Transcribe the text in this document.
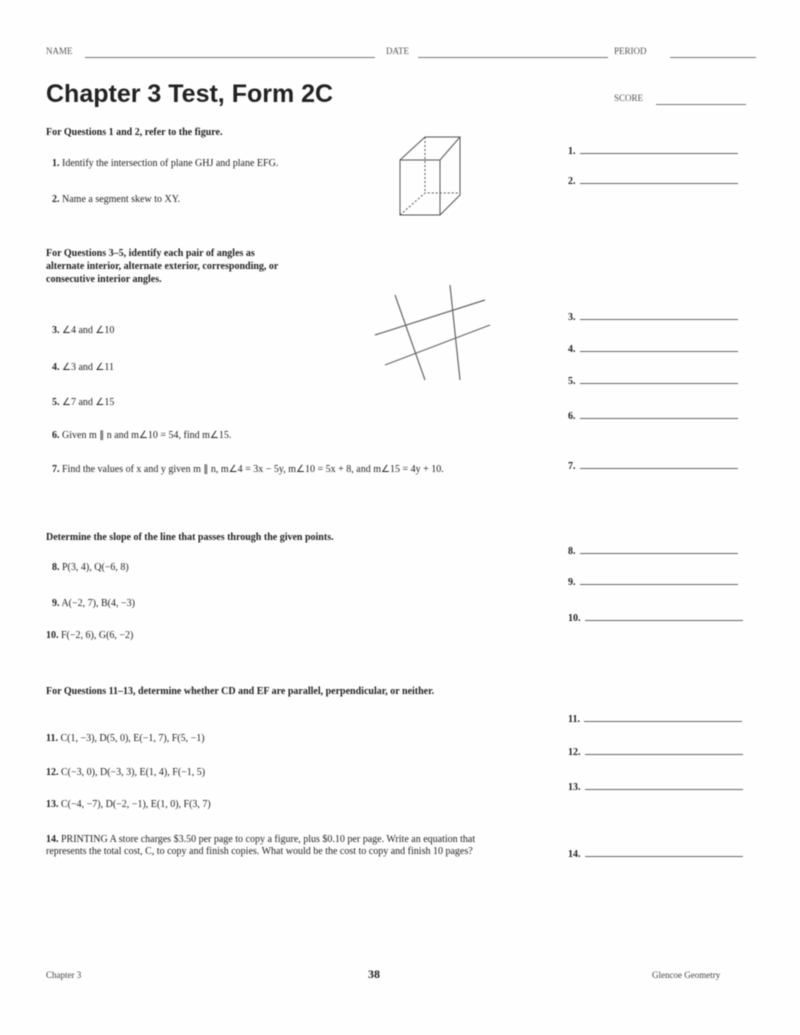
NAME	DATE	PERIOD
Chapter 3 Test, Form 2C	SCORE
For Questions 1 and 2, refer to the figure.
1. Identify the intersection of plane GHJ and plane EFG.
2. Name a segment skew to XY.
For Questions 3–5, identify each pair of angles as alternate interior, alternate exterior, corresponding, or consecutive interior angles.
3. ∠4 and ∠10
4. ∠3 and ∠11
5. ∠7 and ∠15
6. Given m ∥ n and m∠10 = 54, find m∠15.
7. Find the values of x and y given m ∥ n, m∠4 = 3x − 5y, m∠10 = 5x + 8, and m∠15 = 4y + 10.
Determine the slope of the line that passes through the given points.
8. P(3, 4), Q(−6, 8)
9. A(−2, 7), B(4, −3)
10. F(−2, 6), G(6, −2)
For Questions 11–13, determine whether CD and EF are parallel, perpendicular, or neither.
11. C(1, −3), D(5, 0), E(−1, 7), F(5, −1)
12. C(−3, 0), D(−3, 3), E(1, 4), F(−1, 5)
13. C(−4, −7), D(−2, −1), E(1, 0), F(3, 7)
14. PRINTING A store charges $3.50 per page to copy a figure, plus $0.10 per page. Write an equation that represents the total cost, C, to copy and finish copies. What would be the cost to copy and finish 10 pages?
1.
2.
3.
4.
5.
6.
7.
8.
9.
10.
11.
12.
13.
14.
Chapter 3	38	Glencoe Geometry
